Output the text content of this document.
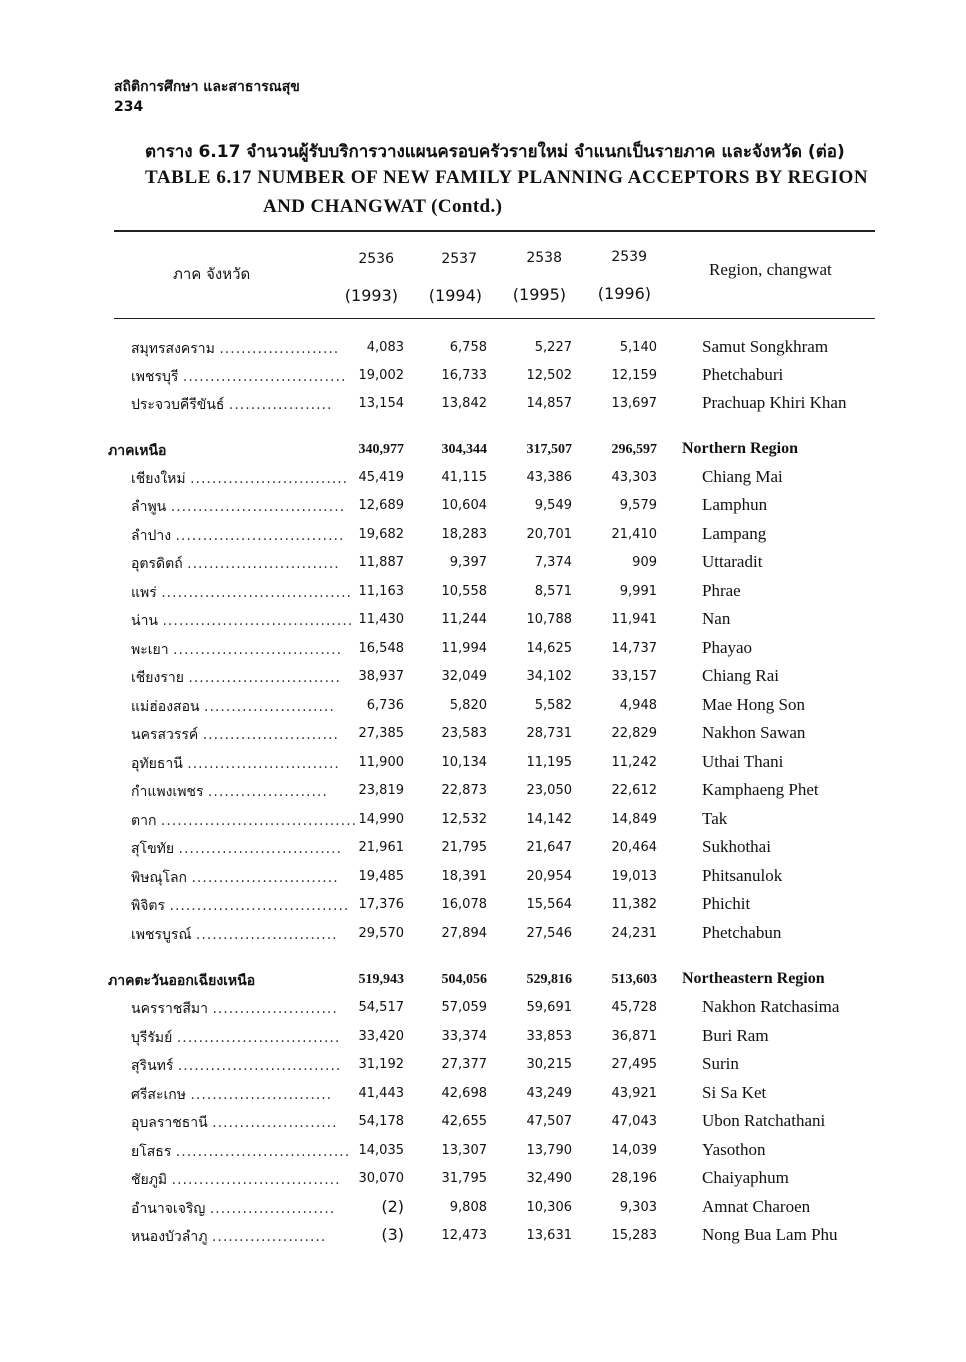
สถิติการศึกษา และสาธารณสุข
234
ตาราง 6.17 จำนวนผู้รับบริการวางแผนครอบครัวรายใหม่ จำแนกเป็นรายภาค และจังหวัด (ต่อ)
TABLE 6.17 NUMBER OF NEW FAMILY PLANNING ACCEPTORS BY REGION
AND CHANGWAT (Contd.)
ภาค จังหวัด	Region, changwat
2536	2537	2538	2539
(1993)	(1994)	(1995)	(1996)
สมุทรสงคราม ......................	4,083	6,758	5,227	5,140	Samut Songkhram
เพชรบุรี .............................. 19,002	16,733	12,502	12,159	Phetchaburi
ประจวบคีรีขันธ์ ...................	13,154	13,842	14,857	13,697	Prachuap Khiri Khan
ภาคเหนือ	340,977	304,344	317,507	296,597 Northern Region
เชียงใหม่ ............................. 45,419	41,115	43,386	43,303	Chiang Mai
ลำพูน ................................	12,689	10,604	9,549	9,579	Lamphun
ลำปาง ...............................	19,682	18,283	20,701	21,410	Lampang
อุตรดิตถ์ ............................	11,887	9,397	7,374	909	Uttaradit
แพร่ ................................... 11,163	10,558	8,571	9,991	Phrae
น่าน ................................... 11,430	11,244	10,788	11,941	Nan
พะเยา ...............................	16,548	11,994	14,625	14,737	Phayao
เชียงราย ............................	38,937	32,049	34,102	33,157	Chiang Rai
แม่ฮ่องสอน ........................	6,736	5,820	5,582	4,948	Mae Hong Son
นครสวรรค์ .........................	27,385	23,583	28,731	22,829	Nakhon Sawan
อุทัยธานี ............................	11,900	10,134	11,195	11,242	Uthai Thani
กำแพงเพชร ......................	23,819	22,873	23,050	22,612	Kamphaeng Phet
ตาก .................................... 14,990	12,532	14,142	14,849	Tak
สุโขทัย ..............................	21,961	21,795	21,647	20,464	Sukhothai
พิษณุโลก ...........................	19,485	18,391	20,954	19,013	Phitsanulok
พิจิตร ................................. 17,376	16,078	15,564	11,382	Phichit
เพชรบูรณ์ ..........................	29,570	27,894	27,546	24,231	Phetchabun
ภาคตะวันออกเฉียงเหนือ	519,943	504,056	529,816	513,603 Northeastern Region
นครราชสีมา .......................	54,517	57,059	59,691	45,728	Nakhon Ratchasima
บุรีรัมย์ ..............................	33,420	33,374	33,853	36,871	Buri Ram
สุรินทร์ ..............................	31,192	27,377	30,215	27,495	Surin
ศรีสะเกษ ..........................	41,443	42,698	43,249	43,921	Si Sa Ket
อุบลราชธานี .......................	54,178	42,655	47,507	47,043	Ubon Ratchathani
ยโสธร ................................ 14,035	13,307	13,790	14,039	Yasothon
ชัยภูมิ ...............................	30,070	31,795	32,490	28,196	Chaiyaphum
อำนาจเจริญ .......................	(2)	9,808	10,306	9,303	Amnat Charoen
หนองบัวลำภู .....................	(3)	12,473	13,631	15,283	Nong Bua Lam Phu
